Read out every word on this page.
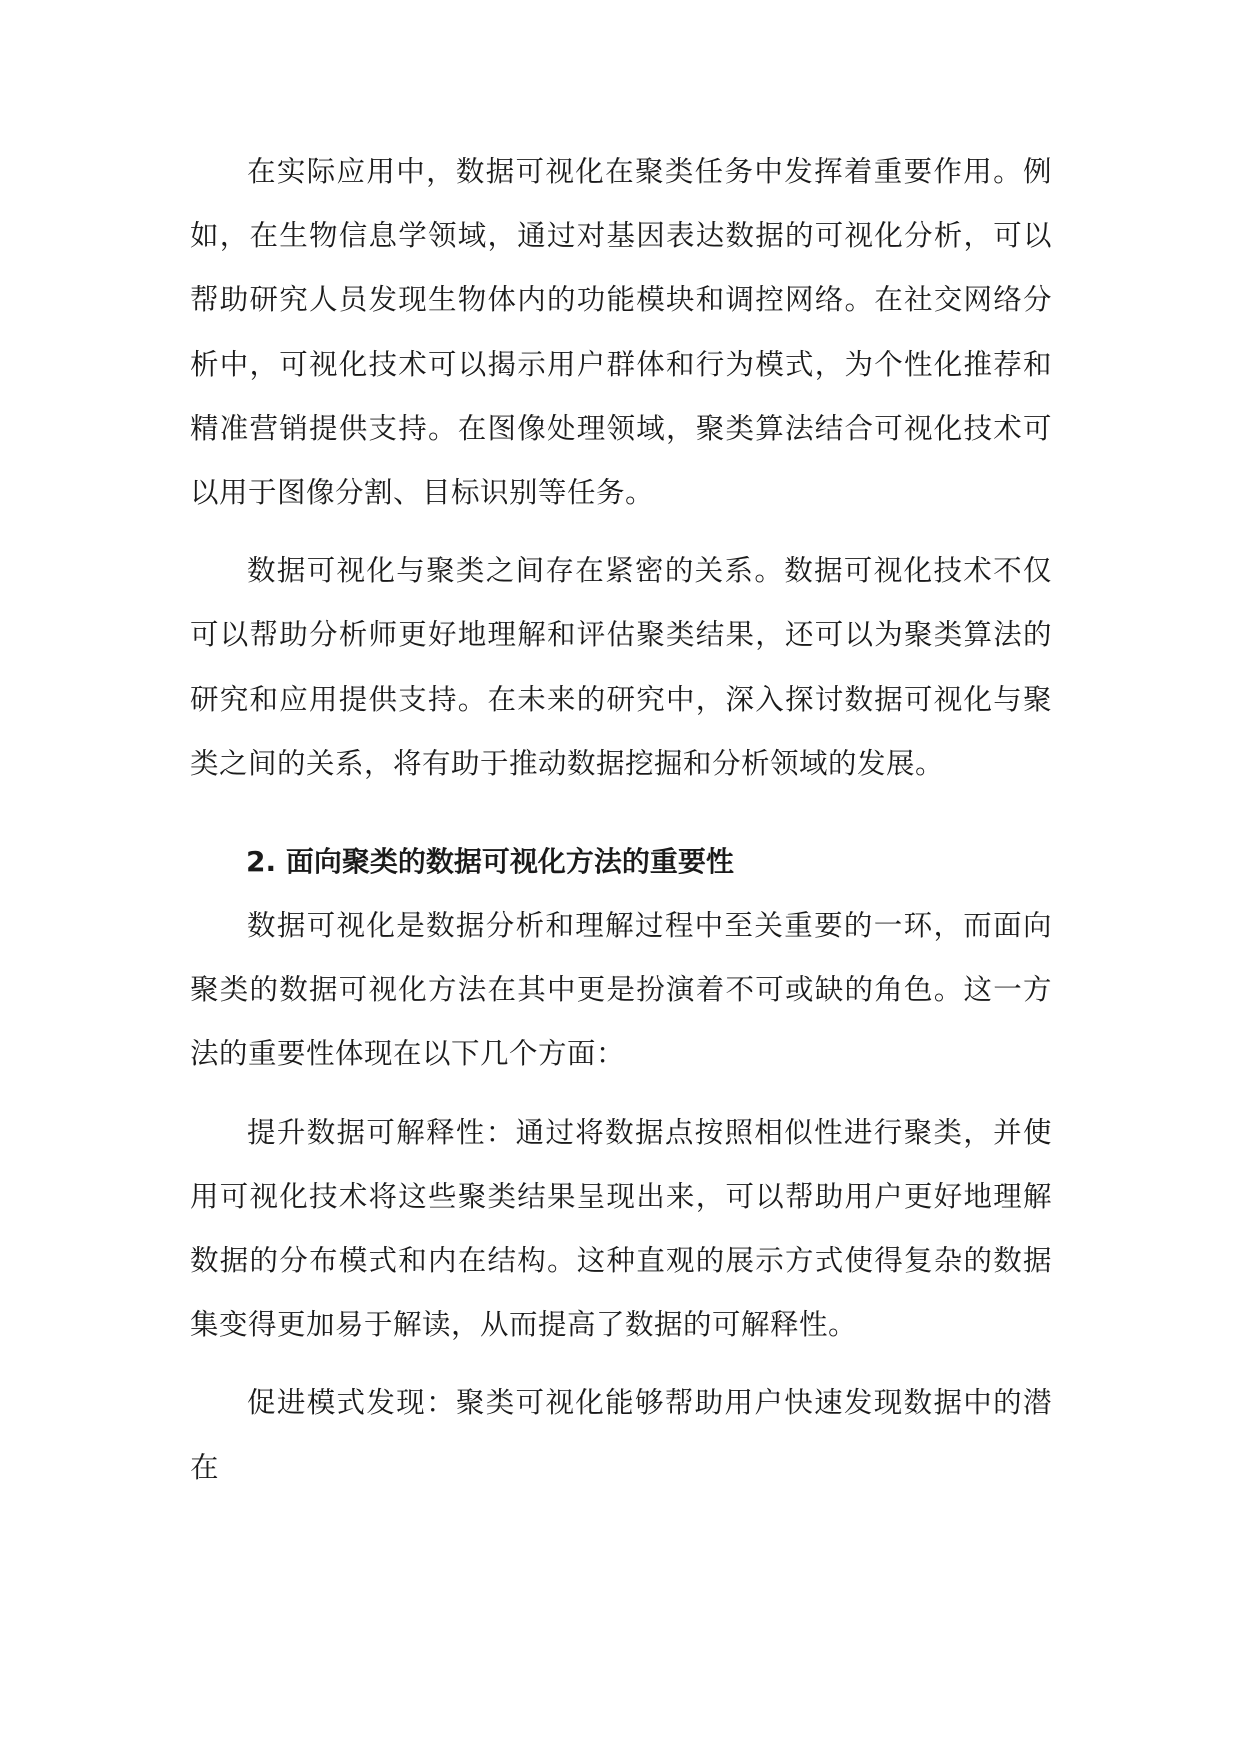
在实际应用中，数据可视化在聚类任务中发挥着重要作用。例如，在生物信息学领域，通过对基因表达数据的可视化分析，可以帮助研究人员发现生物体内的功能模块和调控网络。在社交网络分析中，可视化技术可以揭示用户群体和行为模式，为个性化推荐和精准营销提供支持。在图像处理领域，聚类算法结合可视化技术可以用于图像分割、目标识别等任务。

数据可视化与聚类之间存在紧密的关系。数据可视化技术不仅可以帮助分析师更好地理解和评估聚类结果，还可以为聚类算法的研究和应用提供支持。在未来的研究中，深入探讨数据可视化与聚类之间的关系，将有助于推动数据挖掘和分析领域的发展。

2. 面向聚类的数据可视化方法的重要性

数据可视化是数据分析和理解过程中至关重要的一环，而面向聚类的数据可视化方法在其中更是扮演着不可或缺的角色。这一方法的重要性体现在以下几个方面：

提升数据可解释性：通过将数据点按照相似性进行聚类，并使用可视化技术将这些聚类结果呈现出来，可以帮助用户更好地理解数据的分布模式和内在结构。这种直观的展示方式使得复杂的数据集变得更加易于解读，从而提高了数据的可解释性。

促进模式发现：聚类可视化能够帮助用户快速发现数据中的潜在
